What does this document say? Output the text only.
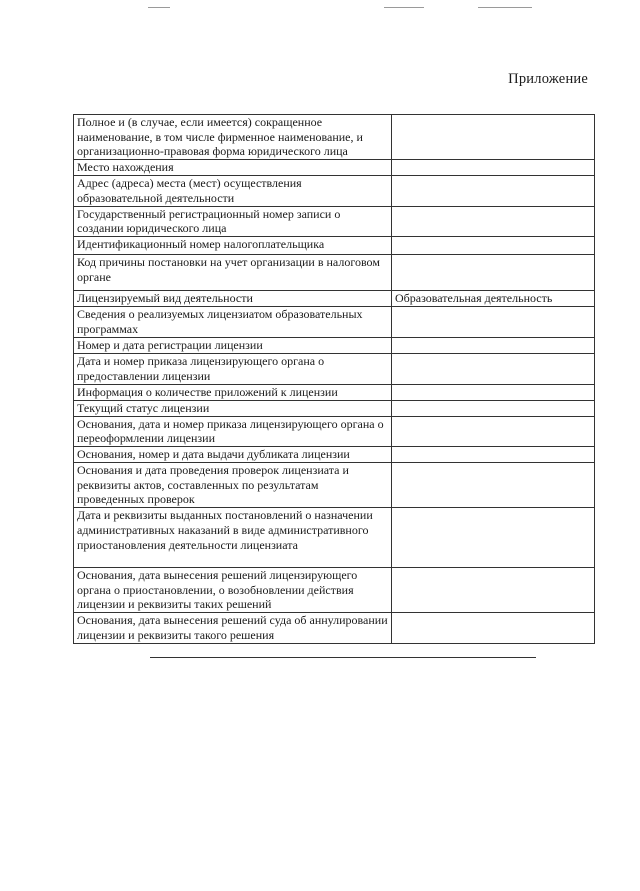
Приложение
Полное и (в случае, если имеется) сокращенное наименование, в том числе фирменное наименование, и организационно-правовая форма юридического лица	
Место нахождения	
Адрес (адреса) места (мест) осуществления образовательной деятельности	
Государственный регистрационный номер записи о создании юридического лица	
Идентификационный номер налогоплательщика	
Код причины постановки на учет организации в налоговом органе	
Лицензируемый вид деятельности	Образовательная деятельность
Сведения о реализуемых лицензиатом образовательных программах	
Номер и дата регистрации лицензии	
Дата и номер приказа лицензирующего органа о предоставлении лицензии	
Информация о количестве приложений к лицензии	
Текущий статус лицензии	
Основания, дата и номер приказа лицензирующего органа о переоформлении лицензии	
Основания, номер и дата выдачи дубликата лицензии	
Основания и дата проведения проверок лицензиата и реквизиты актов, составленных по результатам проведенных проверок	
Дата и реквизиты выданных постановлений о назначении административных наказаний в виде административного приостановления деятельности лицензиата	
Основания, дата вынесения решений лицензирующего органа о приостановлении, о возобновлении действия лицензии и реквизиты таких решений	
Основания, дата вынесения решений суда об аннулировании лицензии и реквизиты такого решения	
